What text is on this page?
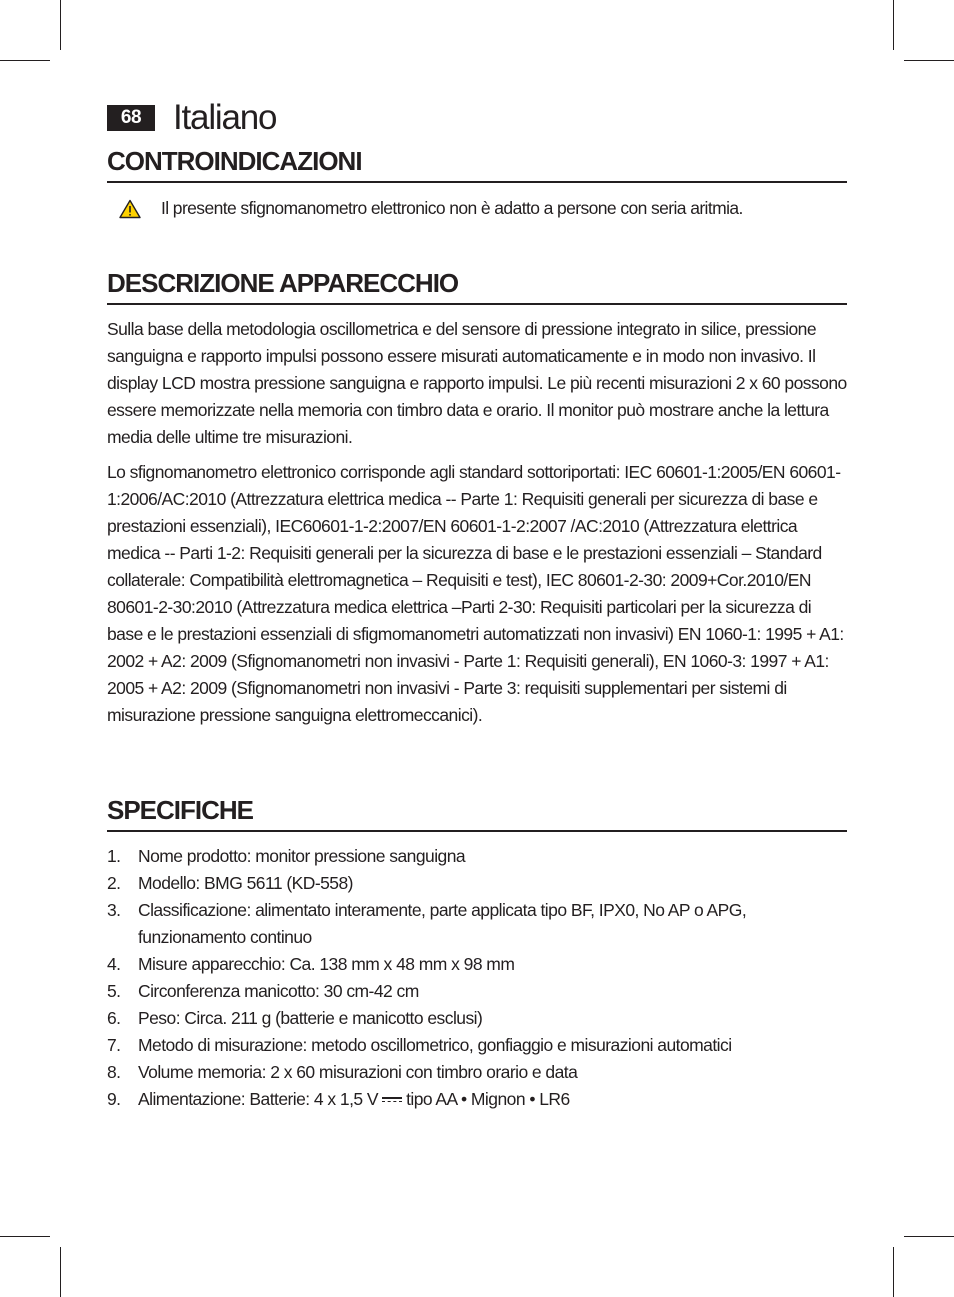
68 Italiano
CONTROINDICAZIONI
Il presente sfignomanometro elettronico non è adatto a persone con seria aritmia.
DESCRIZIONE APPARECCHIO

Sulla base della metodologia oscillometrica e del sensore di pressione integrato in silice, pressione sanguigna e rapporto impulsi possono essere misurati automaticamente e in modo non invasivo. Il display LCD mostra pressione sanguigna e rapporto impulsi. Le più recenti misurazioni 2 x 60 possono essere memorizzate nella memoria con timbro data e orario. Il monitor può mostrare anche la lettura media delle ultime tre misurazioni.

Lo sfignomanometro elettronico corrisponde agli standard sottoriportati: IEC 60601-1:2005/EN 60601-1:2006/AC:2010 (Attrezzatura elettrica medica -- Parte 1: Requisiti generali per sicurezza di base e prestazioni essenziali), IEC60601-1-2:2007/EN 60601-1-2:2007 /AC:2010 (Attrezzatura elettrica medica -- Parti 1-2: Requisiti generali per la sicurezza di base e le prestazioni essenziali – Standard collaterale: Compatibilità elettromagnetica – Requisiti e test), IEC 80601-2-30: 2009+Cor.2010/EN 80601-2-30:2010 (Attrezzatura medica elettrica –Parti 2-30: Requisiti particolari per la sicurezza di base e le prestazioni essenziali di sfigmomanometri automatizzati non invasivi) EN 1060-1: 1995 + A1: 2002 + A2: 2009 (Sfignomanometri non invasivi - Parte 1: Requisiti generali), EN 1060-3: 1997 + A1: 2005 + A2: 2009 (Sfignomanometri non invasivi - Parte 3: requisiti supplementari per sistemi di misurazione pressione sanguigna elettromeccanici).

SPECIFICHE
1.	Nome prodotto: monitor pressione sanguigna
2.	Modello: BMG 5611 (KD-558)
3.	Classificazione: alimentato interamente, parte applicata tipo BF, IPX0, No AP o APG, funzionamento continuo
4.	Misure apparecchio: Ca. 138 mm x 48 mm x 98 mm
5.	Circonferenza manicotto: 30 cm-42 cm
6.	Peso: Circa. 211 g (batterie e manicotto esclusi)
7.	Metodo di misurazione: metodo oscillometrico, gonfiaggio e misurazioni automatici
8.	Volume memoria: 2 x 60 misurazioni con timbro orario e data
9.	Alimentazione: Batterie: 4 x 1,5 V tipo AA • Mignon • LR6
